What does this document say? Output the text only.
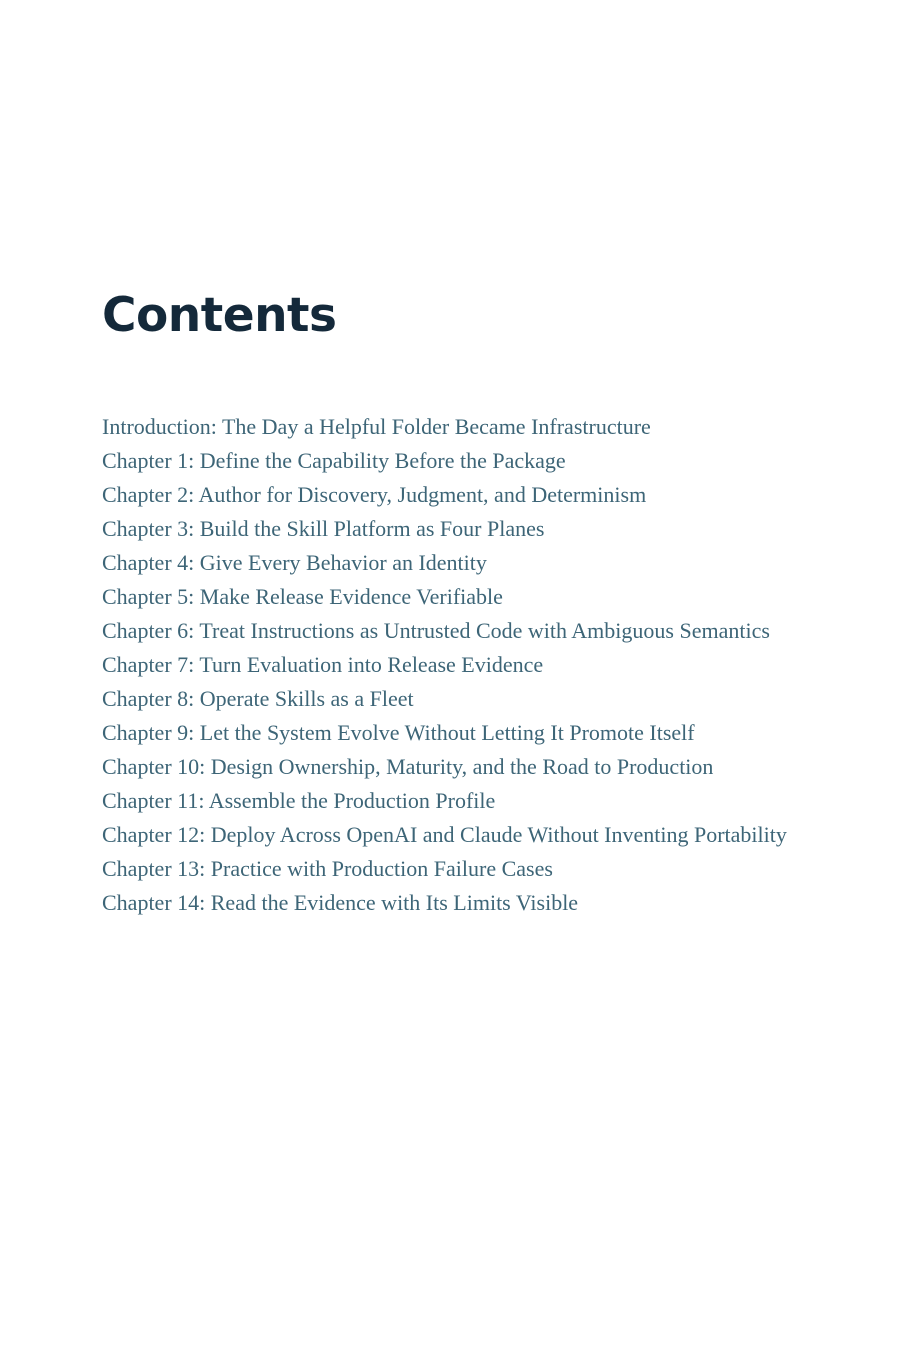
Contents
Introduction: The Day a Helpful Folder Became Infrastructure
Chapter 1: Define the Capability Before the Package
Chapter 2: Author for Discovery, Judgment, and Determinism
Chapter 3: Build the Skill Platform as Four Planes
Chapter 4: Give Every Behavior an Identity
Chapter 5: Make Release Evidence Verifiable
Chapter 6: Treat Instructions as Untrusted Code with Ambiguous Semantics
Chapter 7: Turn Evaluation into Release Evidence
Chapter 8: Operate Skills as a Fleet
Chapter 9: Let the System Evolve Without Letting It Promote Itself
Chapter 10: Design Ownership, Maturity, and the Road to Production
Chapter 11: Assemble the Production Profile
Chapter 12: Deploy Across OpenAI and Claude Without Inventing Portability
Chapter 13: Practice with Production Failure Cases
Chapter 14: Read the Evidence with Its Limits Visible
